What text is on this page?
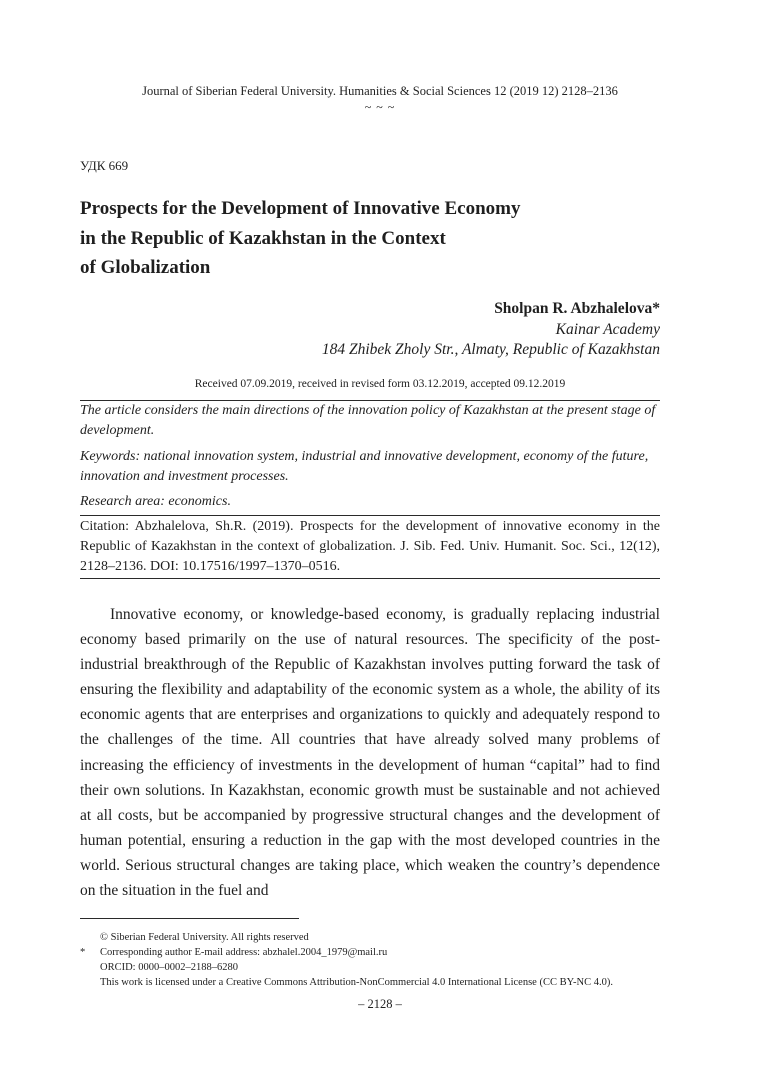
Journal of Siberian Federal University. Humanities & Social Sciences 12 (2019 12) 2128–2136
~ ~ ~
УДК 669
Prospects for the Development of Innovative Economy
in the Republic of Kazakhstan in the Context
of Globalization
Sholpan R. Abzhalelova*
Kainar Academy
184 Zhibek Zholy Str., Almaty, Republic of Kazakhstan
Received 07.09.2019, received in revised form 03.12.2019, accepted 09.12.2019
The article considers the main directions of the innovation policy of Kazakhstan at the present stage of development.
Keywords: national innovation system, industrial and innovative development, economy of the future, innovation and investment processes.
Research area: economics.
Citation: Abzhalelova, Sh.R. (2019). Prospects for the development of innovative economy in the Republic of Kazakhstan in the context of globalization. J. Sib. Fed. Univ. Humanit. Soc. Sci., 12(12), 2128–2136. DOI: 10.17516/1997–1370–0516.

Innovative economy, or knowledge-based economy, is gradually replacing industrial economy based primarily on the use of natural resources. The specificity of the post-industrial breakthrough of the Republic of Kazakhstan involves putting forward the task of ensuring the flexibility and adaptability of the economic system as a whole, the ability of its economic agents that are enterprises and organizations to quickly and adequately respond to the challenges of the time. All countries that have already solved many problems of increasing the efficiency of investments in the development of human “capital” had to find their own solutions. In Kazakhstan, economic growth must be sustainable and not achieved at all costs, but be accompanied by progressive structural changes and the development of human potential, ensuring a reduction in the gap with the most developed countries in the world. Serious structural changes are taking place, which weaken the country’s dependence on the situation in the fuel and

© Siberian Federal University. All rights reserved
* Corresponding author E-mail address: abzhalel.2004_1979@mail.ru
ORCID: 0000–0002–2188–6280
This work is licensed under a Creative Commons Attribution-NonCommercial 4.0 International License (CC BY-NC 4.0).
– 2128 –
